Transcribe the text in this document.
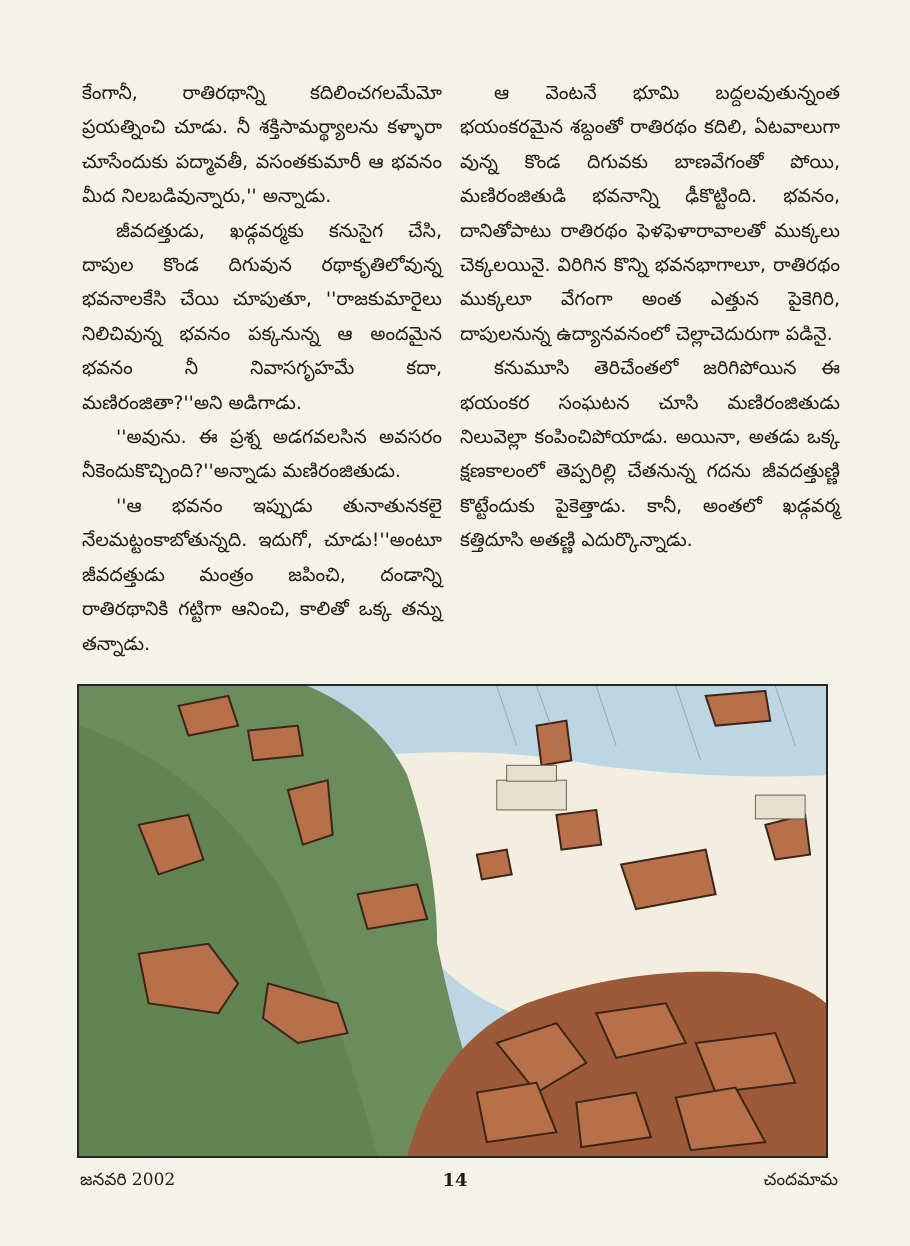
కేంగానీ, రాతిరథాన్ని కదిలించగలమేమో ప్రయత్నించి చూడు. నీ శక్తిసామర్థ్యాలను కళ్ళారా చూసేందుకు పద్మావతీ, వసంతకుమారీ ఆ భవనం మీద నిలబడివున్నారు,'' అన్నాడు.

జీవదత్తుడు, ఖడ్గవర్మకు కనుసైగ చేసి, దాపుల కొండ దిగువున రథాకృతిలోవున్న భవనాలకేసి చేయి చూపుతూ, ''రాజకుమారైలు నిలిచివున్న భవనం పక్కనున్న ఆ అందమైన భవనం నీ నివాసగృహమే కదా, మణిరంజితా?''అని అడిగాడు.

''అవును. ఈ ప్రశ్న అడగవలసిన అవసరం నీకెందుకొచ్చింది?''అన్నాడు మణిరంజితుడు.

''ఆ భవనం ఇప్పుడు తునాతునకలై నేలమట్టంకాబోతున్నది. ఇదుగో, చూడు!''అంటూ జీవదత్తుడు మంత్రం జపించి, దండాన్ని రాతిరథానికి గట్టిగా ఆనించి, కాలితో ఒక్క తన్ను తన్నాడు.

ఆ వెంటనే భూమి బద్దలవుతున్నంత భయంకరమైన శబ్దంతో రాతిరథం కదిలి, ఏటవాలుగా వున్న కొండ దిగువకు బాణవేగంతో పోయి, మణిరంజితుడి భవనాన్ని ఢీకొట్టింది. భవనం, దానితోపాటు రాతిరథం ఫెళఫెళారావాలతో ముక్కలు చెక్కలయినై. విరిగిన కొన్ని భవనభాగాలూ, రాతిరథం ముక్కలూ వేగంగా అంత ఎత్తున పైకెగిరి, దాపులనున్న ఉద్యానవనంలో చెల్లాచెదురుగా పడినై.

కనుమూసి తెరిచేంతలో జరిగిపోయిన ఈ భయంకర సంఘటన చూసి మణిరంజితుడు నిలువెల్లా కంపించిపోయాడు. అయినా, అతడు ఒక్క క్షణకాలంలో తెప్పరిల్లి చేతనున్న గదను జీవదత్తుణ్ణి కొట్టేందుకు పైకెత్తాడు. కానీ, అంతలో ఖడ్గవర్మ కత్తిదూసి అతణ్ణి ఎదుర్కొన్నాడు.

జనవరి 2002	14	చందమామ
